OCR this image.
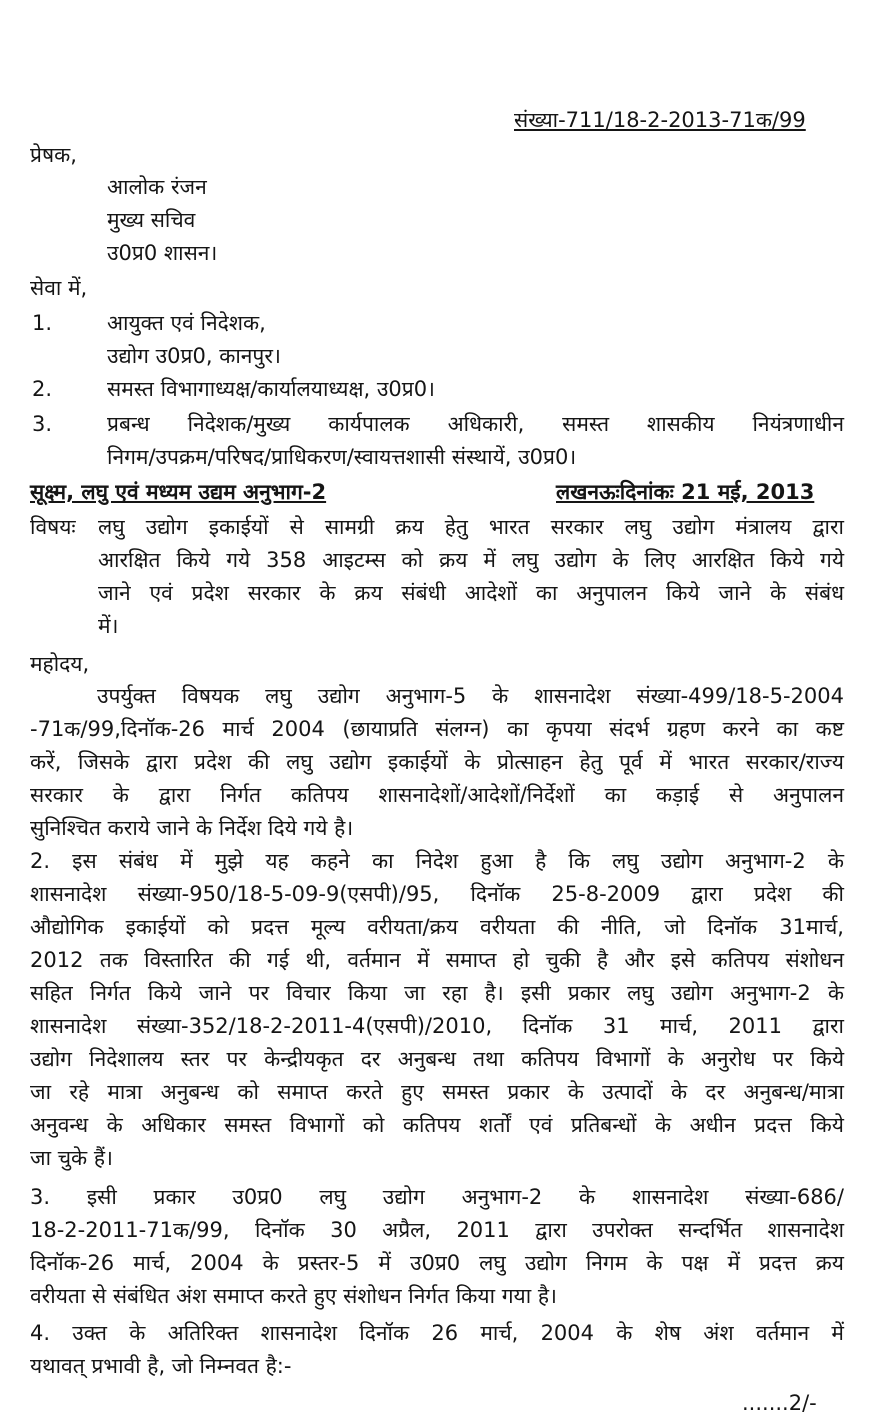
संख्या-711/18-2-2013-71क/99
प्रेषक,
आलोक रंजन
मुख्य सचिव
उ0प्र0 शासन।
सेवा में,
1.	आयुक्त एवं निदेशक,
उद्योग उ0प्र0, कानपुर।
2.	समस्त विभागाध्यक्ष/कार्यालयाध्यक्ष, उ0प्र0।
3.	प्रबन्ध निदेशक/मुख्य कार्यपालक अधिकारी, समस्त शासकीय नियंत्रणाधीन
निगम/उपक्रम/परिषद/प्राधिकरण/स्वायत्तशासी संस्थायें, उ0प्र0।
सूक्ष्म, लघु एवं मध्यम उद्यम अनुभाग-2	लखनऊःदिनांकः 21 मई, 2013
विषयः लघु उद्योग इकाईयों से सामग्री क्रय हेतु भारत सरकार लघु उद्योग मंत्रालय द्वारा
आरक्षित किये गये 358 आइटम्स को क्रय में लघु उद्योग के लिए आरक्षित किये गये
जाने एवं प्रदेश सरकार के क्रय संबंधी आदेशों का अनुपालन किये जाने के संबंध
में।
महोदय,
उपर्युक्त विषयक लघु उद्योग अनुभाग-5 के शासनादेश संख्या-499/18-5-2004
-71क/99,दिनॉक-26 मार्च 2004 (छायाप्रति संलग्न) का कृपया संदर्भ ग्रहण करने का कष्ट
करें, जिसके द्वारा प्रदेश की लघु उद्योग इकाईयों के प्रोत्साहन हेतु पूर्व में भारत सरकार/राज्य
सरकार के द्वारा निर्गत कतिपय शासनादेशों/आदेशों/निर्देशों का कड़ाई से अनुपालन
सुनिश्चित कराये जाने के निर्देश दिये गये है।
2. इस संबंध में मुझे यह कहने का निदेश हुआ है कि लघु उद्योग अनुभाग-2 के
शासनादेश संख्या-950/18-5-09-9(एसपी)/95, दिनॉक 25-8-2009 द्वारा प्रदेश की
औद्योगिक इकाईयों को प्रदत्त मूल्य वरीयता/क्रय वरीयता की नीति, जो दिनॉक 31मार्च,
2012 तक विस्तारित की गई थी, वर्तमान में समाप्त हो चुकी है और इसे कतिपय संशोधन
सहित निर्गत किये जाने पर विचार किया जा रहा है। इसी प्रकार लघु उद्योग अनुभाग-2 के
शासनादेश संख्या-352/18-2-2011-4(एसपी)/2010, दिनॉक 31 मार्च, 2011 द्वारा
उद्योग निदेशालय स्तर पर केन्द्रीयकृत दर अनुबन्ध तथा कतिपय विभागों के अनुरोध पर किये
जा रहे मात्रा अनुबन्ध को समाप्त करते हुए समस्त प्रकार के उत्पादों के दर अनुबन्ध/मात्रा
अनुवन्ध के अधिकार समस्त विभागों को कतिपय शर्तों एवं प्रतिबन्धों के अधीन प्रदत्त किये
जा चुके हैं।
3. इसी प्रकार उ0प्र0 लघु उद्योग अनुभाग-2 के शासनादेश संख्या-686/
18-2-2011-71क/99, दिनॉक 30 अप्रैल, 2011 द्वारा उपरोक्त सन्दर्भित शासनादेश
दिनॉक-26 मार्च, 2004 के प्रस्तर-5 में उ0प्र0 लघु उद्योग निगम के पक्ष में प्रदत्त क्रय
वरीयता से संबंधित अंश समाप्त करते हुए संशोधन निर्गत किया गया है।
4. उक्त के अतिरिक्त शासनादेश दिनॉक 26 मार्च, 2004 के शेष अंश वर्तमान में
यथावत् प्रभावी है, जो निम्नवत है:-
.......2/-
